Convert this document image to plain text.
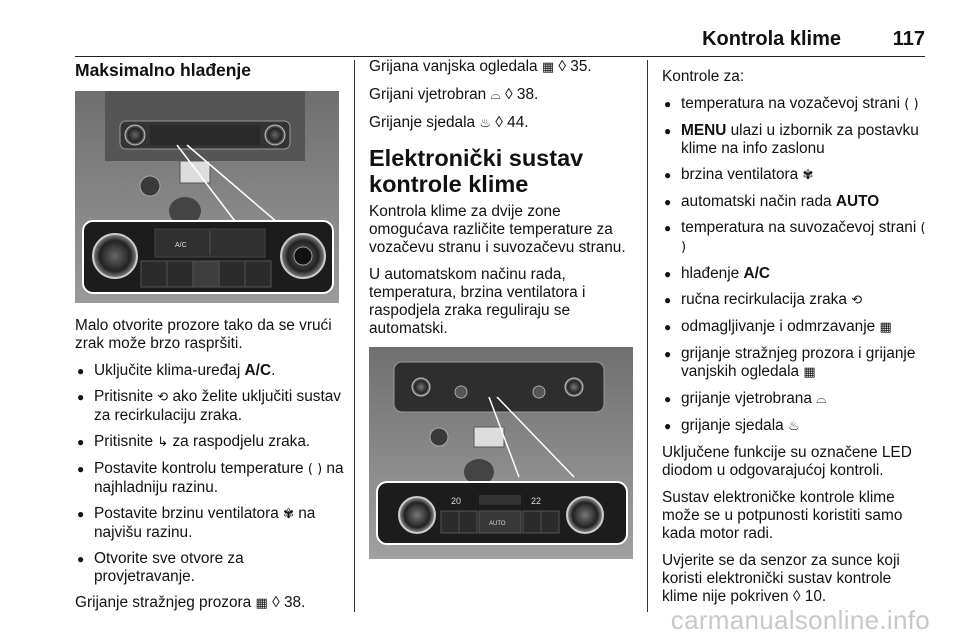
Kontrola klime	117
Maksimalno hlađenje
A/C

Malo otvorite prozore tako da se vrući zrak može brzo raspršiti.

● Uključite klima-uređaj A/C.
● Pritisnite ⟲ ako želite uključiti sustav za recirkulaciju zraka.
● Pritisnite ↳ za raspodjelu zraka.
● Postavite kontrolu temperature ( ) na najhladniju razinu.
● Postavite brzinu ventilatora ✾ na najvišu razinu.
● Otvorite sve otvore za provjetravanje.

Grijanje stražnjeg prozora ▦ ◊ 38.

Grijana vanjska ogledala ▦ ◊ 35.

Grijani vjetrobran ⌓ ◊ 38.

Grijanje sjedala ♨ ◊ 44.

Elektronički sustav kontrole klime

Kontrola klime za dvije zone

omogućava različite temperature za vozačevu stranu i suvozačevu stranu.

U automatskom načinu rada, temperatura, brzina ventilatora i raspodjela zraka reguliraju se automatski.

20	22
AUTO

Kontrole za:

● temperatura na vozačevoj strani ( )
● MENU ulazi u izbornik za postavku klime na info zaslonu
● brzina ventilatora ✾
● automatski način rada AUTO
● temperatura na suvozačevoj strani ( )
● hlađenje A/C
● ručna recirkulacija zraka ⟲
● odmagljivanje i odmrzavanje ▦
● grijanje stražnjeg prozora i grijanje vanjskih ogledala ▦
● grijanje vjetrobrana ⌓
● grijanje sjedala ♨

Uključene funkcije su označene LED diodom u odgovarajućoj kontroli.

Sustav elektroničke kontrole klime može se u potpunosti koristiti samo kada motor radi.

Uvjerite se da senzor za sunce koji koristi elektronički sustav kontrole klime nije pokriven ◊ 10.

carmanualsonline.info
